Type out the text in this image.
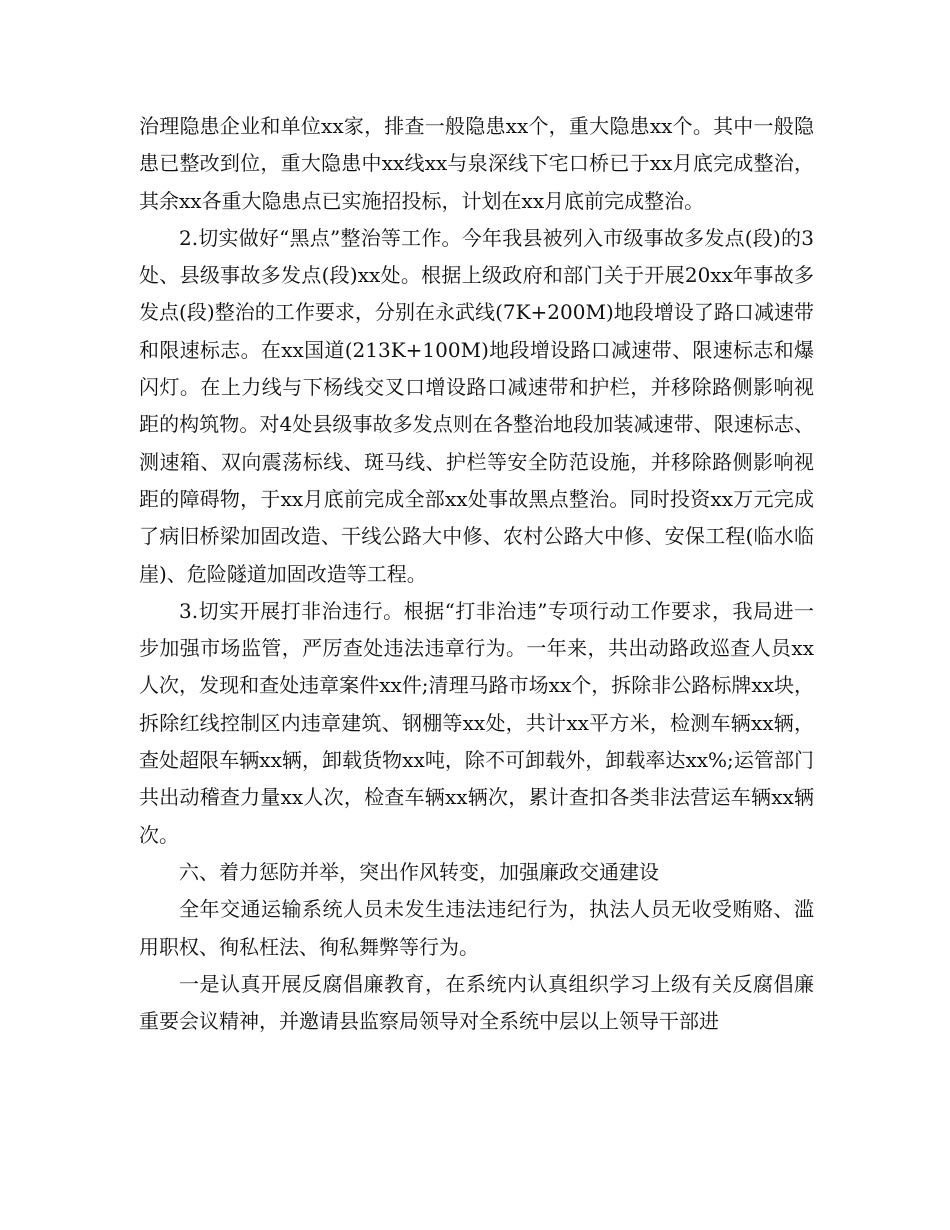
治理隐患企业和单位xx家，排查一般隐患xx个，重大隐患xx个。其中一般隐患已整改到位，重大隐患中xx线xx与泉深线下宅口桥已于xx月底完成整治，其余xx各重大隐患点已实施招投标，计划在xx月底前完成整治。

2.切实做好“黑点”整治等工作。今年我县被列入市级事故多发点(段)的3处、县级事故多发点(段)xx处。根据上级政府和部门关于开展20xx年事故多发点(段)整治的工作要求，分别在永武线(7K+200M)地段增设了路口减速带和限速标志。在xx国道(213K+100M)地段增设路口减速带、限速标志和爆闪灯。在上力线与下杨线交叉口增设路口减速带和护栏，并移除路侧影响视距的构筑物。对4处县级事故多发点则在各整治地段加装减速带、限速标志、测速箱、双向震荡标线、斑马线、护栏等安全防范设施，并移除路侧影响视距的障碍物，于xx月底前完成全部xx处事故黑点整治。同时投资xx万元完成了病旧桥梁加固改造、干线公路大中修、农村公路大中修、安保工程(临水临崖)、危险隧道加固改造等工程。

3.切实开展打非治违行。根据“打非治违”专项行动工作要求，我局进一步加强市场监管，严厉查处违法违章行为。一年来，共出动路政巡查人员xx人次，发现和查处违章案件xx件;清理马路市场xx个，拆除非公路标牌xx块，拆除红线控制区内违章建筑、钢棚等xx处，共计xx平方米，检测车辆xx辆，查处超限车辆xx辆，卸载货物xx吨，除不可卸载外，卸载率达xx%;运管部门共出动稽查力量xx人次，检查车辆xx辆次，累计查扣各类非法营运车辆xx辆次。

六、着力惩防并举，突出作风转变，加强廉政交通建设

全年交通运输系统人员未发生违法违纪行为，执法人员无收受贿赂、滥用职权、徇私枉法、徇私舞弊等行为。

一是认真开展反腐倡廉教育，在系统内认真组织学习上级有关反腐倡廉重要会议精神，并邀请县监察局领导对全系统中层以上领导干部进
